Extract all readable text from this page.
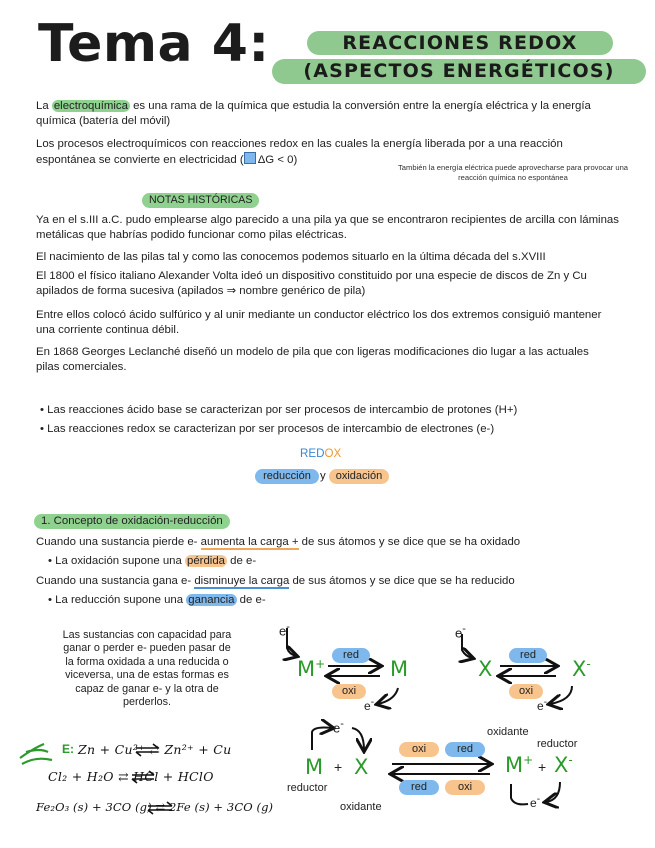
Tema 4:	REACCIONES REDOX
(ASPECTOS ENERGÉTICOS)
La electroquímica es una rama de la química que estudia la conversión entre la energía eléctrica y la energía química (batería del móvil)
Los procesos electroquímicos con reacciones redox en las cuales la energía liberada por a una reacción espontánea se convierte en electricidad ( ΔG < 0)
También la energía eléctrica puede aprovecharse para provocar una reacción química no espontánea
NOTAS HISTÓRICAS
Ya en el s.III a.C. pudo emplearse algo parecido a una pila ya que se encontraron recipientes de arcilla con láminas metálicas que habrías podido funcionar como pilas eléctricas.
El nacimiento de las pilas tal y como las conocemos podemos situarlo en la última década del s.XVIII
El 1800 el físico italiano Alexander Volta ideó un dispositivo constituido por una especie de discos de Zn y Cu apilados de forma sucesiva (apilados ⇒ nombre genérico de pila)
Entre ellos colocó ácido sulfúrico y al unir mediante un conductor eléctrico los dos extremos consiguió mantener una corriente continua débil.
En 1868 Georges Leclanché diseñó un modelo de pila que con ligeras modificaciones dio lugar a las actuales pilas comerciales.
• Las reacciones ácido base se caracterizan por ser procesos de intercambio de protones (H+)
• Las reacciones redox se caracterizan por ser procesos de intercambio de electrones (e-)
REDOX
reducción y oxidación
1. Concepto de oxidación-reducción
Cuando una sustancia pierde e- aumenta la carga + de sus átomos y se dice que se ha oxidado
• La oxidación supone una pérdida de e-
Cuando una sustancia gana e- disminuye la carga de sus átomos y se dice que se ha reducido
• La reducción supone una ganancia de e-
Las sustancias con capacidad para ganar o perder e- pueden pasar de la forma oxidada a una reducida o viceversa, una de estas formas es capaz de ganar e- y la otra de perderlos.
e-
M+
red
oxi
M
e-
e-
X
red
oxi
X-
e-
oxidante
reductor
e-
M + X
oxi	red
red	oxi
M+ + X-
e-
reductor
oxidante
E: Zn + Cu²⁺ ⇄ Zn²⁺ + Cu
Cl₂ + H₂O ⇄ HCl + HClO
Fe₂O₃ (s) + 3CO (g) ⇄ 2Fe (s) + 3CO (g)
